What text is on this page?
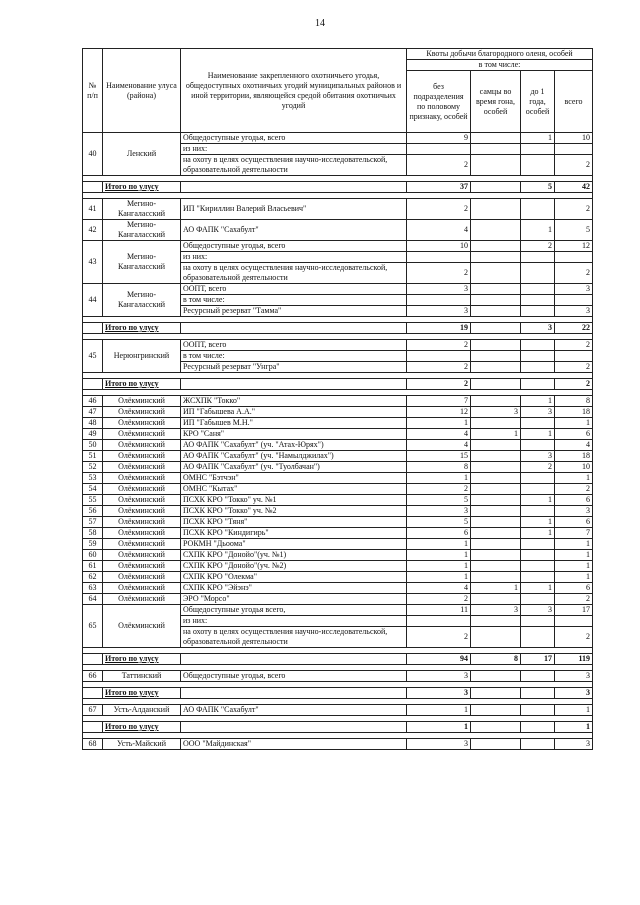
14
№ п/п	Наименование улуса (района)	Наименование закрепленного охотничьего угодья, общедоступных охотничьих угодий муниципальных районов и иной территории, являющейся средой обитания охотничьих угодий	Квоты добычи благородного оленя, особей			
			в том числе:			
			без подразделения по половому признаку, особей	самцы во время гона, особей	до 1 года, особей	всего
40	Ленский	Общедоступные угодья, всего	9		1	10
		из них:				
		на охоту в целях осуществления научно-исследовательской, образовательной деятельности	2			2

	Итого по улусу		37		5	42

41	Мегино-Кангаласский	ИП "Кириллин Валерий Власьевич"	2			2
42	Мегино-Кангаласский	АО ФАПК "Сахабулт"	4		1	5
43	Мегино-Кангаласский	Общедоступные угодья, всего	10		2	12
		из них:				
		на охоту в целях осуществления научно-исследовательской, образовательной деятельности	2			2
44	Мегино-Кангаласский	ООПТ, всего	3			3
		в том числе:				
		Ресурсный резерват "Тамма"	3			3

	Итого по улусу		19		3	22

45	Нерюнгринский	ООПТ, всего	2			2
		в том числе:				
		Ресурсный резерват "Унгра"	2			2

	Итого по улусу		2			2

46	Олёкминский	ЖСХПК "Токко"	7		1	8
47	Олёкминский	ИП "Габышева А.А."	12	3	3	18
48	Олёкминский	ИП "Габышев М.Н."	1			1
49	Олёкминский	КРО "Саня"	4	1	1	6
50	Олёкминский	АО ФАПК "Сахабулт" (уч. "Атах-Юрях")	4			4
51	Олёкминский	АО ФАПК "Сахабулт" (уч. "Намылджилах")	15		3	18
52	Олёкминский	АО ФАПК "Сахабулт" (уч. "Туолбачан")	8		2	10
53	Олёкминский	ОМНС "Бэтчэн"	1			1
54	Олёкминский	ОМНС "Кытах"	2			2
55	Олёкминский	ПСХК КРО "Токко" уч. №1	5		1	6
56	Олёкминский	ПСХК КРО "Токко" уч. №2	3			3
57	Олёкминский	ПСХК КРО "Тяня"	5		1	6
58	Олёкминский	ПСХК КРО "Киндигирь"	6		1	7
59	Олёкминский	РОКМН "Дьоома"	1			1
60	Олёкминский	СХПК КРО "Донойо"(уч. №1)	1			1
61	Олёкминский	СХПК КРО "Донойо"(уч. №2)	1			1
62	Олёкминский	СХПК КРО "Олекма"	1			1
63	Олёкминский	СХПК КРО "Эйэнэ"	4	1	1	6
64	Олёкминский	ЭРО "Морсо"	2			2
65	Олёкминский	Общедоступные угодья всего,	11	3	3	17
		из них:				
		на охоту в целях осуществления научно-исследовательской, образовательной деятельности	2			2

	Итого по улусу		94	8	17	119

66	Таттинский	Общедоступные угодья, всего	3			3

	Итого по улусу		3			3

67	Усть-Алданский	АО ФАПК "Сахабулт"	1			1

	Итого по улусу		1			1

68	Усть-Майский	ООО "Майдинская"	3			3
